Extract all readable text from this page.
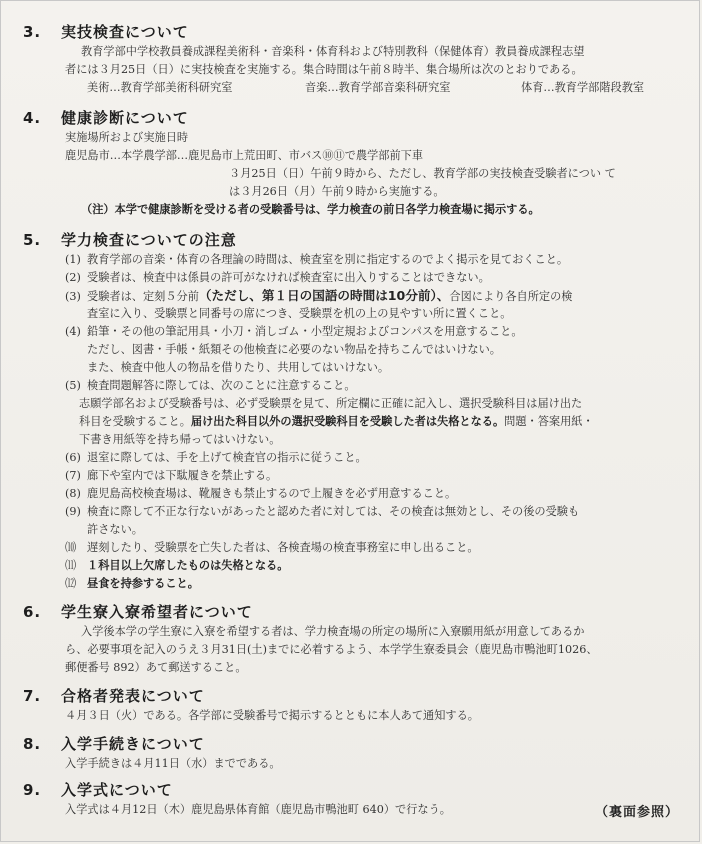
3. 実技検査について
教育学部中学校教員養成課程美術科・音楽科・体育科および特別教科（保健体育）教員養成課程志望
者には３月25日（日）に実技検査を実施する。集合時間は午前８時半、集合場所は次のとおりである。
美術…教育学部美術科研究室	音楽…教育学部音楽科研究室	体育…教育学部階段教室
4. 健康診断について
実施場所および実施日時
鹿児島市…本学農学部…鹿児島市上荒田町、市バス⑩⑪で農学部前下車
３月25日（日）午前９時から、ただし、教育学部の実技検査受験者につい て
は３月26日（月）午前９時から実施する。
（注）本学で健康診断を受ける者の受験番号は、学力検査の前日各学力検査場に掲示する。
5. 学力検査についての注意
(1) 教育学部の音楽・体育の各理論の時間は、検査室を別に指定するのでよく掲示を見ておくこと。
(2) 受験者は、検査中は係員の許可がなければ検査室に出入りすることはできない。
(3) 受験者は、定刻５分前（ただし、第１日の国語の時間は10分前）、合図により各自所定の検
査室に入り、受験票と同番号の席につき、受験票を机の上の見やすい所に置くこと。
(4) 鉛筆・その他の筆記用具・小刀・消しゴム・小型定規およびコンパスを用意すること。
ただし、図書・手帳・紙類その他検査に必要のない物品を持ちこんではいけない。
また、検査中他人の物品を借りたり、共用してはいけない。
(5) 検査問題解答に際しては、次のことに注意すること。
志願学部名および受験番号は、必ず受験票を見て、所定欄に正確に記入し、選択受験科目は届け出た
科目を受験すること。届け出た科目以外の選択受験科目を受験した者は失格となる。問題・答案用紙・
下書き用紙等を持ち帰ってはいけない。
(6) 退室に際しては、手を上げて検査官の指示に従うこと。
(7) 廊下や室内では下駄履きを禁止する。
(8) 鹿児島高校検査場は、靴履きも禁止するので上履きを必ず用意すること。
(9) 検査に際して不正な行ないがあったと認めた者に対しては、その検査は無効とし、その後の受験も
許さない。
⑽ 遅刻したり、受験票を亡失した者は、各検査場の検査事務室に申し出ること。
⑾ １科目以上欠席したものは失格となる。
⑿ 昼食を持参すること。
6. 学生寮入寮希望者について
入学後本学の学生寮に入寮を希望する者は、学力検査場の所定の場所に入寮願用紙が用意してあるか
ら、必要事項を記入のうえ３月31日(土)までに必着するよう、本学学生寮委員会（鹿児島市鴨池町1026、
郵便番号 892）あて郵送すること。
7. 合格者発表について
４月３日（火）である。各学部に受験番号で掲示するとともに本人あて通知する。
8. 入学手続きについて
入学手続きは４月11日（水）までである。
9. 入学式について
入学式は４月12日（木）鹿児島県体育館（鹿児島市鴨池町 640）で行なう。	（裏面参照）
